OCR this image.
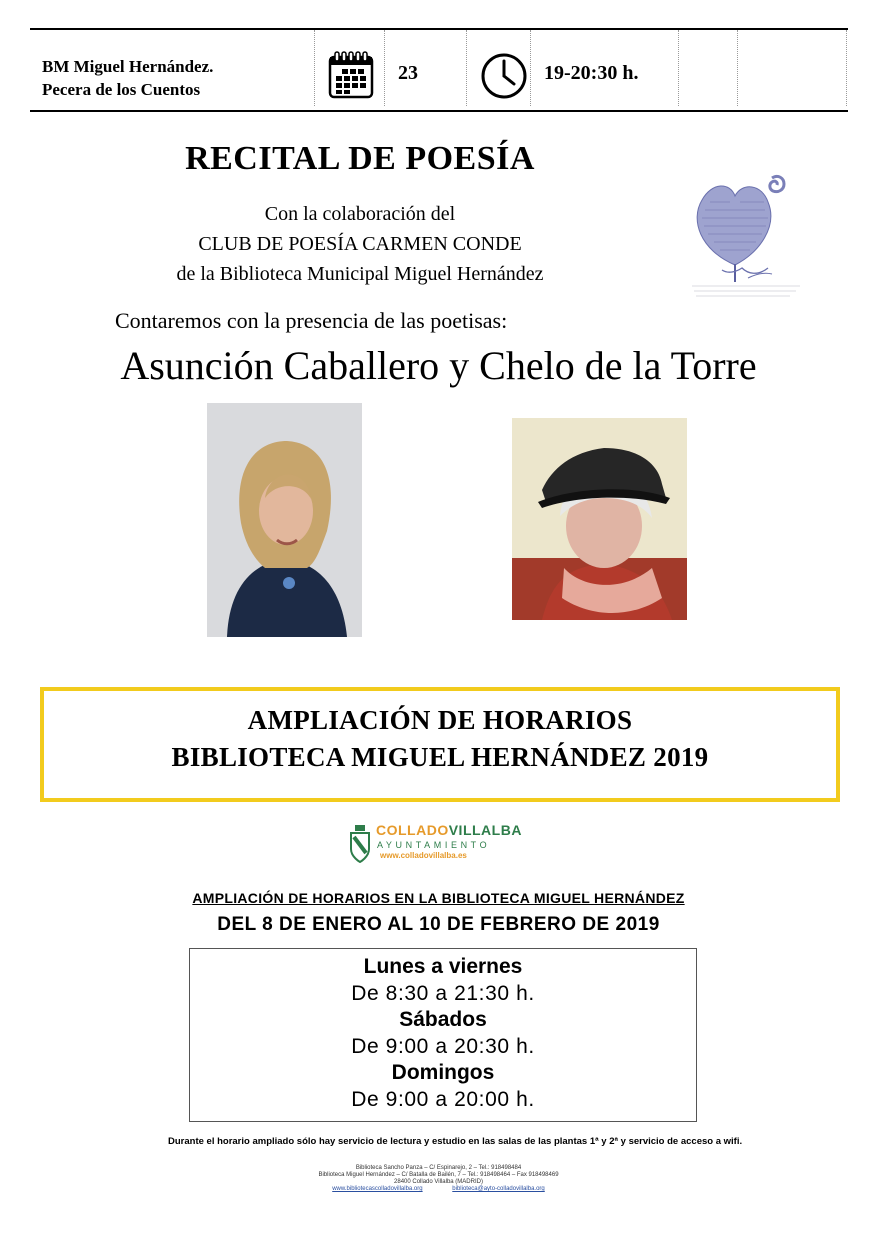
BM Miguel Hernández.
Pecera de los Cuentos
23	19-20:30 h.
RECITAL DE POESÍA
Con la colaboración del
CLUB DE POESÍA CARMEN CONDE
de la Biblioteca Municipal Miguel Hernández
Contaremos con la presencia de las poetisas:
Asunción Caballero y Chelo de la Torre
AMPLIACIÓN DE HORARIOS
BIBLIOTECA MIGUEL HERNÁNDEZ 2019
COLLADOVILLALBA
AYUNTAMIENTO
www.colladovillalba.es
AMPLIACIÓN DE HORARIOS EN LA BIBLIOTECA MIGUEL HERNÁNDEZ
DEL 8 DE ENERO AL 10 DE FEBRERO DE 2019
Lunes a viernes
De 8:30 a 21:30 h.
Sábados
De 9:00 a 20:30 h.
Domingos
De 9:00 a 20:00 h.
Durante el horario ampliado sólo hay servicio de lectura y estudio en las salas de las plantas 1ª y 2ª y servicio de acceso a wifi.
Biblioteca Sancho Panza – C/ Espinarejo, 2 – Tel.: 918498484
Biblioteca Miguel Hernández – C/ Batalla de Bailén, 7 – Tel.: 918498464 – Fax 918498469
28400 Collado Villalba (MADRID)
www.bibliotecascolladovillalba.org	biblioteca@ayto-colladovillalba.org
